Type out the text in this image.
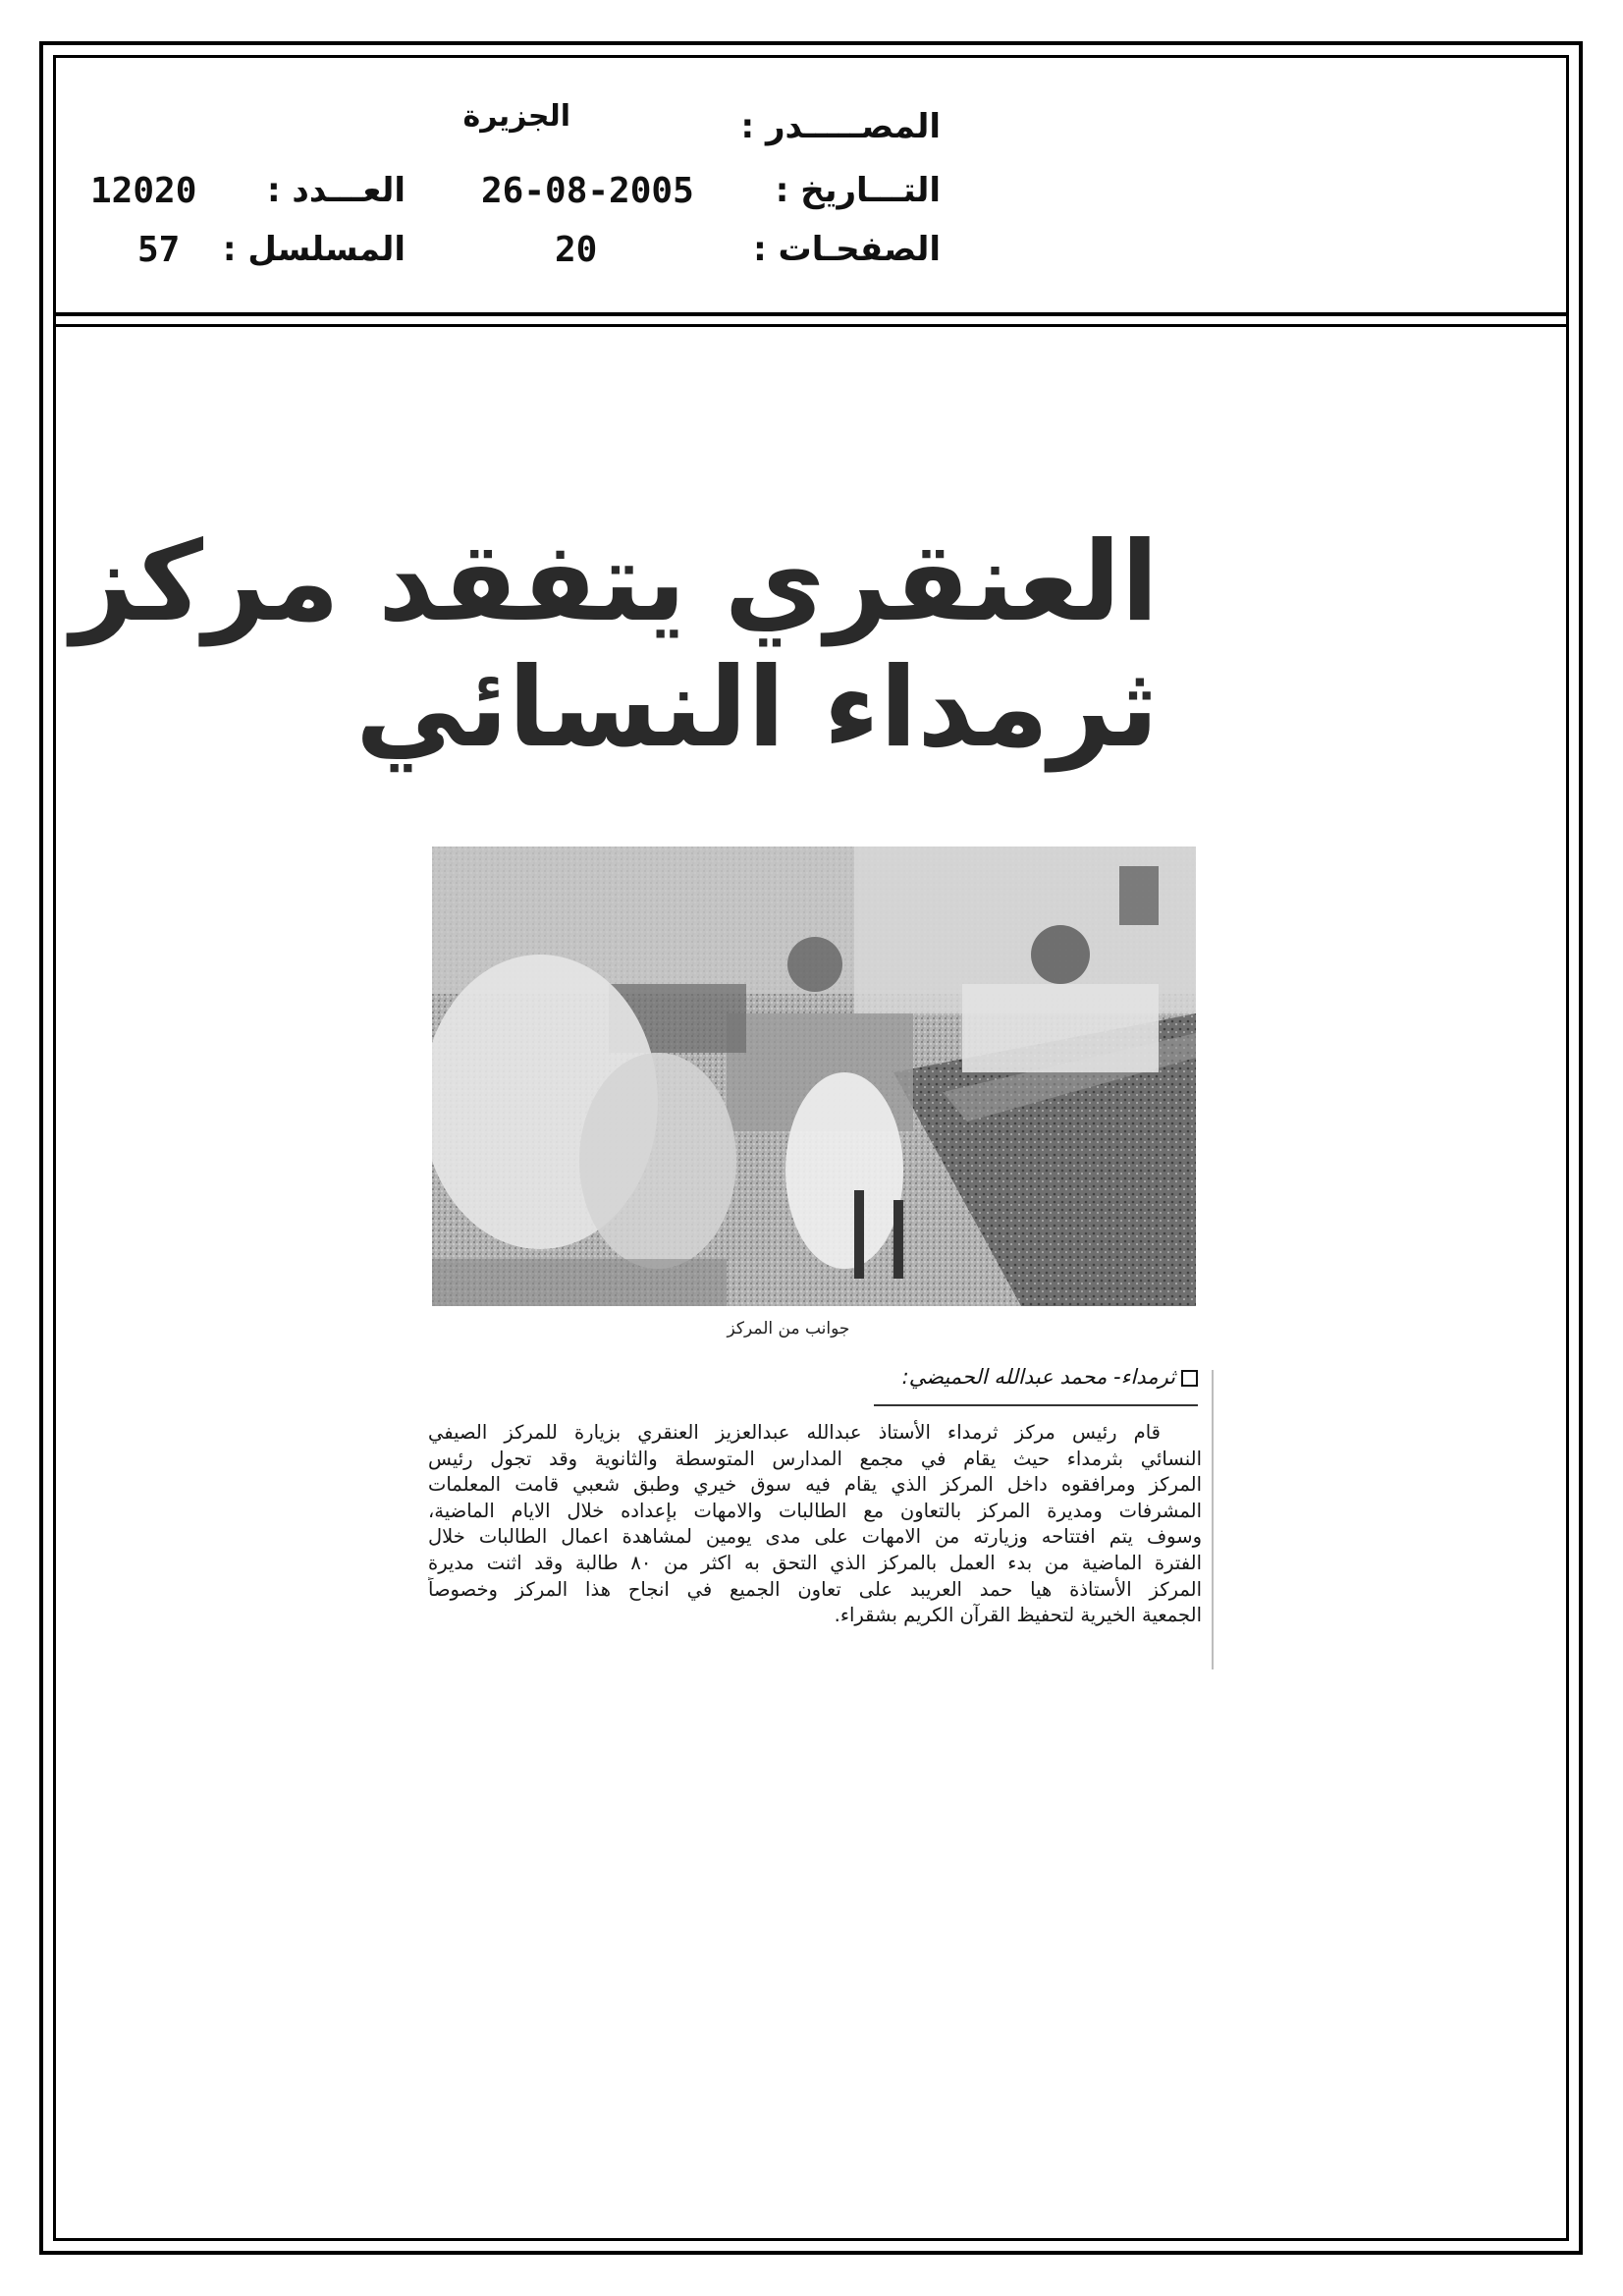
المصـــــدر :
الجزيرة
التـــاريخ :
26-08-2005
العـــدد :
12020
الصفحـات :
20
المسلسل :
57
العنقري يتفقد مركز
ثرمداء النسائي
جوانب من المركز
ثرمداء- محمد عبدالله الحميضي:
قام رئيس مركز ثرمداء الأستاذ عبدالله عبدالعزيز العنقري بزيارة للمركز الصيفي
النسائي بثرمداء حيث يقام في مجمع المدارس المتوسطة والثانوية وقد تجول رئيس
المركز ومرافقوه داخل المركز الذي يقام فيه سوق خيري وطبق شعبي قامت المعلمات
المشرفات ومديرة المركز بالتعاون مع الطالبات والامهات بإعداده خلال الايام الماضية،
وسوف يتم افتتاحه وزيارته من الامهات على مدى يومين لمشاهدة اعمال الطالبات خلال
الفترة الماضية من بدء العمل بالمركز الذي التحق به اكثر من ٨٠ طالبة وقد اثنت مديرة
المركز الأستاذة هيا حمد العريبد على تعاون الجميع في انجاح هذا المركز وخصوصاً
الجمعية الخيرية لتحفيظ القرآن الكريم بشقراء.
